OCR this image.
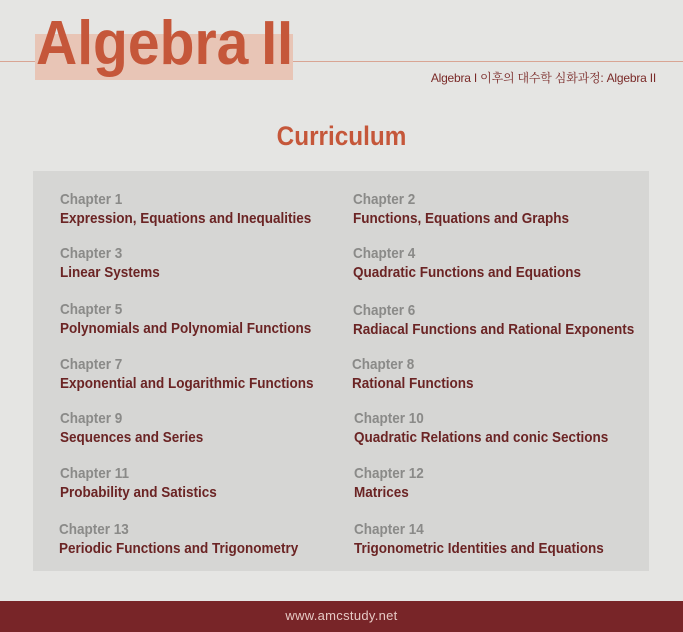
Algebra II	Algebra I 이후의 대수학 심화과정: Algebra II
Curriculum
Chapter 1
Expression, Equations and Inequalities
Chapter 3
Linear Systems
Chapter 5
Polynomials and Polynomial Functions
Chapter 7
Exponential and Logarithmic Functions
Chapter 9
Sequences and Series
Chapter 11
Probability and Satistics
Chapter 13
Periodic Functions and Trigonometry
Chapter 2
Functions, Equations and Graphs
Chapter 4
Quadratic Functions and Equations
Chapter 6
Radiacal Functions and Rational Exponents
Chapter 8
Rational Functions
Chapter 10
Quadratic Relations and conic Sections
Chapter 12
Matrices
Chapter 14
Trigonometric Identities and Equations
www.amcstudy.net
